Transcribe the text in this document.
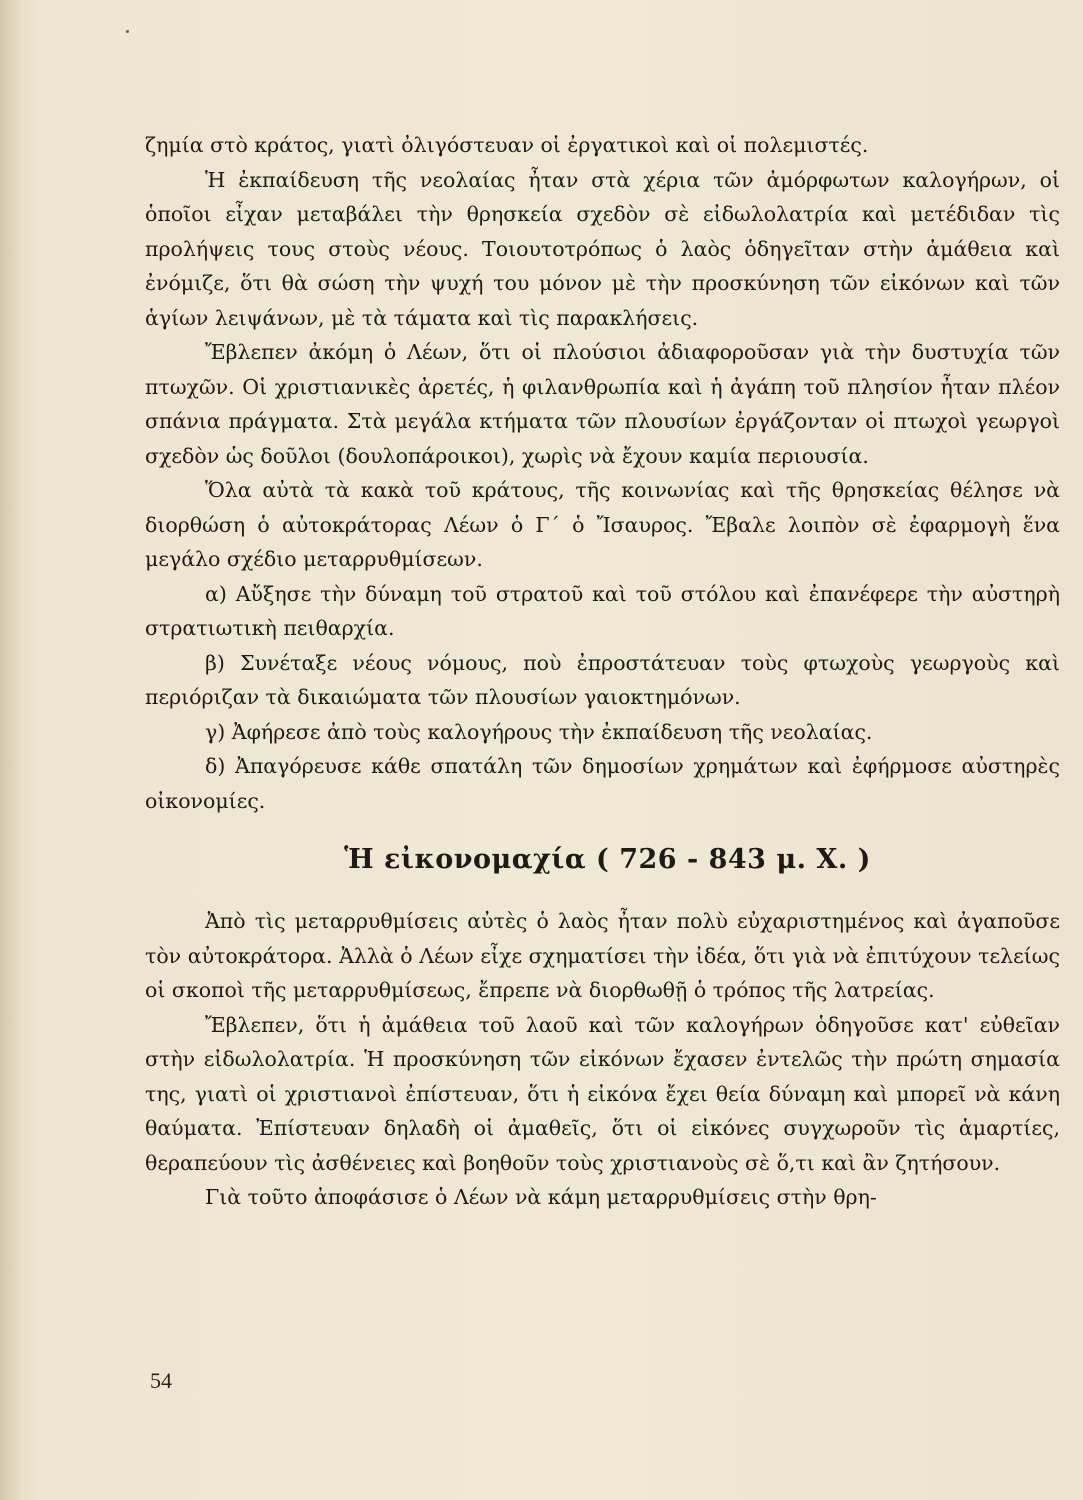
ζημία στὸ κράτος, γιατὶ ὀλιγόστευαν οἱ ἐργατικοὶ καὶ οἱ πολεμιστές.

Ἡ ἐκπαίδευση τῆς νεολαίας ἦταν στὰ χέρια τῶν ἀμόρφωτων καλογήρων, οἱ ὁποῖοι εἶχαν μεταβάλει τὴν θρησκεία σχεδὸν σὲ εἰδωλολατρία καὶ μετέδιδαν τὶς προλήψεις τους στοὺς νέους. Τοιουτοτρόπως ὁ λαὸς ὁδηγεῖταν στὴν ἀμάθεια καὶ ἐνόμιζε, ὅτι θὰ σώση τὴν ψυχή του μόνον μὲ τὴν προσκύνηση τῶν εἰκόνων καὶ τῶν ἁγίων λειψάνων, μὲ τὰ τάματα καὶ τὶς παρακλήσεις.

Ἔβλεπεν ἀκόμη ὁ Λέων, ὅτι οἱ πλούσιοι ἀδιαφοροῦσαν γιὰ τὴν δυστυχία τῶν πτωχῶν. Οἱ χριστιανικὲς ἀρετές, ἡ φιλανθρωπία καὶ ἡ ἀγάπη τοῦ πλησίον ἦταν πλέον σπάνια πράγματα. Στὰ μεγάλα κτήματα τῶν πλουσίων ἐργάζονταν οἱ πτωχοὶ γεωργοὶ σχεδὸν ὡς δοῦλοι (δουλοπάροικοι), χωρὶς νὰ ἔχουν καμία περιουσία.

Ὅλα αὐτὰ τὰ κακὰ τοῦ κράτους, τῆς κοινωνίας καὶ τῆς θρησκείας θέλησε νὰ διορθώση ὁ αὐτοκράτορας Λέων ὁ Γ΄ ὁ Ἴσαυρος. Ἔβαλε λοιπὸν σὲ ἐφαρμογὴ ἕνα μεγάλο σχέδιο μεταρρυθμίσεων.

α) Αὔξησε τὴν δύναμη τοῦ στρατοῦ καὶ τοῦ στόλου καὶ ἐπανέφερε τὴν αὐστηρὴ στρατιωτικὴ πειθαρχία.

β) Συνέταξε νέους νόμους, ποὺ ἐπροστάτευαν τοὺς φτωχοὺς γεωργοὺς καὶ περιόριζαν τὰ δικαιώματα τῶν πλουσίων γαιοκτημόνων.

γ) Ἀφήρεσε ἀπὸ τοὺς καλογήρους τὴν ἐκπαίδευση τῆς νεολαίας.

δ) Ἀπαγόρευσε κάθε σπατάλη τῶν δημοσίων χρημάτων καὶ ἐφήρμοσε αὐστηρὲς οἰκονομίες.

Ἡ εἰκονομαχία ( 726 - 843 μ. Χ. )

Ἀπὸ τὶς μεταρρυθμίσεις αὐτὲς ὁ λαὸς ἦταν πολὺ εὐχαριστημένος καὶ ἀγαποῦσε τὸν αὐτοκράτορα. Ἀλλὰ ὁ Λέων εἶχε σχηματίσει τὴν ἰδέα, ὅτι γιὰ νὰ ἐπιτύχουν τελείως οἱ σκοποὶ τῆς μεταρρυθμίσεως, ἔπρεπε νὰ διορθωθῇ ὁ τρόπος τῆς λατρείας.

Ἔβλεπεν, ὅτι ἡ ἀμάθεια τοῦ λαοῦ καὶ τῶν καλογήρων ὁδηγοῦσε κατ' εὐθεῖαν στὴν εἰδωλολατρία. Ἡ προσκύνηση τῶν εἰκόνων ἔχασεν ἐντελῶς τὴν πρώτη σημασία της, γιατὶ οἱ χριστιανοὶ ἐπίστευαν, ὅτι ἡ εἰκόνα ἔχει θεία δύναμη καὶ μπορεῖ νὰ κάνη θαύματα. Ἐπίστευαν δηλαδὴ οἱ ἀμαθεῖς, ὅτι οἱ εἰκόνες συγχωροῦν τὶς ἁμαρτίες, θεραπεύουν τὶς ἀσθένειες καὶ βοηθοῦν τοὺς χριστιανοὺς σὲ ὅ,τι καὶ ἂν ζητήσουν.

Γιὰ τοῦτο ἀποφάσισε ὁ Λέων νὰ κάμη μεταρρυθμίσεις στὴν θρη-

54
